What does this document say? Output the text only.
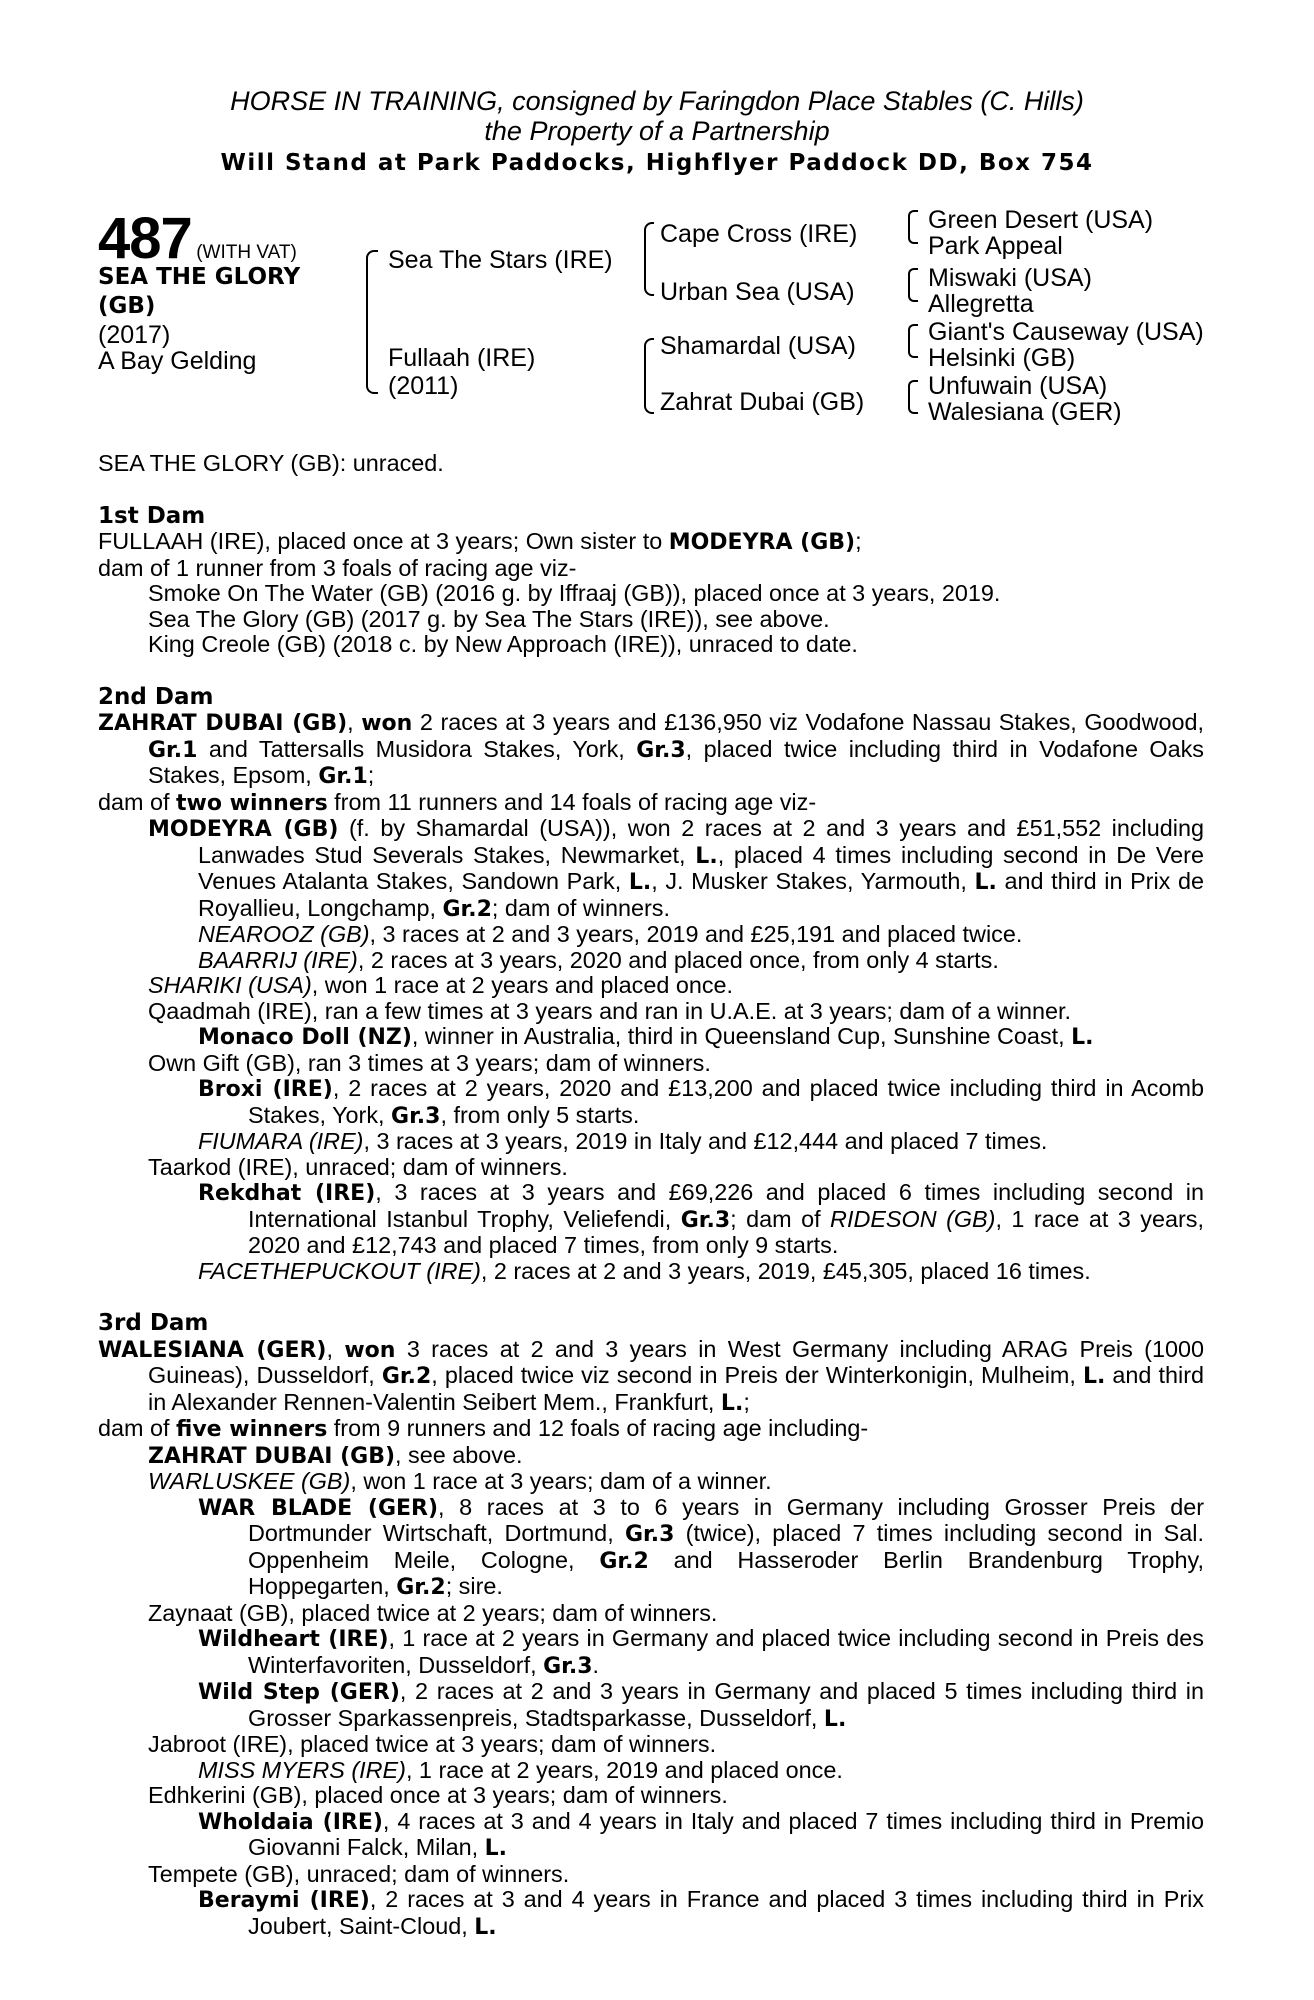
HORSE IN TRAINING, consigned by Faringdon Place Stables (C. Hills)
the Property of a Partnership
Will Stand at Park Paddocks, Highflyer Paddock DD, Box 754
487 (WITH VAT)
SEA THE GLORY
(GB)
(2017)
A Bay Gelding
Sea The Stars (IRE)
Fullaah (IRE)
(2011)
Cape Cross (IRE)
Urban Sea (USA)
Shamardal (USA)
Zahrat Dubai (GB)
Green Desert (USA)
Park Appeal
Miswaki (USA)
Allegretta
Giant's Causeway (USA)
Helsinki (GB)
Unfuwain (USA)
Walesiana (GER)

SEA THE GLORY (GB): unraced.

1st Dam

FULLAAH (IRE), placed once at 3 years; Own sister to MODEYRA (GB);

dam of 1 runner from 3 foals of racing age viz-

Smoke On The Water (GB) (2016 g. by Iffraaj (GB)), placed once at 3 years, 2019.

Sea The Glory (GB) (2017 g. by Sea The Stars (IRE)), see above.

King Creole (GB) (2018 c. by New Approach (IRE)), unraced to date.

2nd Dam

ZAHRAT DUBAI (GB), won 2 races at 3 years and £136,950 viz Vodafone Nassau Stakes, Goodwood, Gr.1 and Tattersalls Musidora Stakes, York, Gr.3, placed twice including third in Vodafone Oaks Stakes, Epsom, Gr.1;

dam of two winners from 11 runners and 14 foals of racing age viz-

MODEYRA (GB) (f. by Shamardal (USA)), won 2 races at 2 and 3 years and £51,552 including Lanwades Stud Severals Stakes, Newmarket, L., placed 4 times including second in De Vere Venues Atalanta Stakes, Sandown Park, L., J. Musker Stakes, Yarmouth, L. and third in Prix de Royallieu, Longchamp, Gr.2; dam of winners.

NEAROOZ (GB), 3 races at 2 and 3 years, 2019 and £25,191 and placed twice.

BAARRIJ (IRE), 2 races at 3 years, 2020 and placed once, from only 4 starts.

SHARIKI (USA), won 1 race at 2 years and placed once.

Qaadmah (IRE), ran a few times at 3 years and ran in U.A.E. at 3 years; dam of a winner.

Monaco Doll (NZ), winner in Australia, third in Queensland Cup, Sunshine Coast, L.

Own Gift (GB), ran 3 times at 3 years; dam of winners.

Broxi (IRE), 2 races at 2 years, 2020 and £13,200 and placed twice including third in Acomb Stakes, York, Gr.3, from only 5 starts.

FIUMARA (IRE), 3 races at 3 years, 2019 in Italy and £12,444 and placed 7 times.

Taarkod (IRE), unraced; dam of winners.

Rekdhat (IRE), 3 races at 3 years and £69,226 and placed 6 times including second in International Istanbul Trophy, Veliefendi, Gr.3; dam of RIDESON (GB), 1 race at 3 years, 2020 and £12,743 and placed 7 times, from only 9 starts.

FACETHEPUCKOUT (IRE), 2 races at 2 and 3 years, 2019, £45,305, placed 16 times.

3rd Dam

WALESIANA (GER), won 3 races at 2 and 3 years in West Germany including ARAG Preis (1000 Guineas), Dusseldorf, Gr.2, placed twice viz second in Preis der Winterkonigin, Mulheim, L. and third in Alexander Rennen-Valentin Seibert Mem., Frankfurt, L.;

dam of five winners from 9 runners and 12 foals of racing age including-

ZAHRAT DUBAI (GB), see above.

WARLUSKEE (GB), won 1 race at 3 years; dam of a winner.

WAR BLADE (GER), 8 races at 3 to 6 years in Germany including Grosser Preis der Dortmunder Wirtschaft, Dortmund, Gr.3 (twice), placed 7 times including second in Sal. Oppenheim Meile, Cologne, Gr.2 and Hasseroder Berlin Brandenburg Trophy, Hoppegarten, Gr.2; sire.

Zaynaat (GB), placed twice at 2 years; dam of winners.

Wildheart (IRE), 1 race at 2 years in Germany and placed twice including second in Preis des Winterfavoriten, Dusseldorf, Gr.3.

Wild Step (GER), 2 races at 2 and 3 years in Germany and placed 5 times including third in Grosser Sparkassenpreis, Stadtsparkasse, Dusseldorf, L.

Jabroot (IRE), placed twice at 3 years; dam of winners.

MISS MYERS (IRE), 1 race at 2 years, 2019 and placed once.

Edhkerini (GB), placed once at 3 years; dam of winners.

Wholdaia (IRE), 4 races at 3 and 4 years in Italy and placed 7 times including third in Premio Giovanni Falck, Milan, L.

Tempete (GB), unraced; dam of winners.

Beraymi (IRE), 2 races at 3 and 4 years in France and placed 3 times including third in Prix Joubert, Saint-Cloud, L.
